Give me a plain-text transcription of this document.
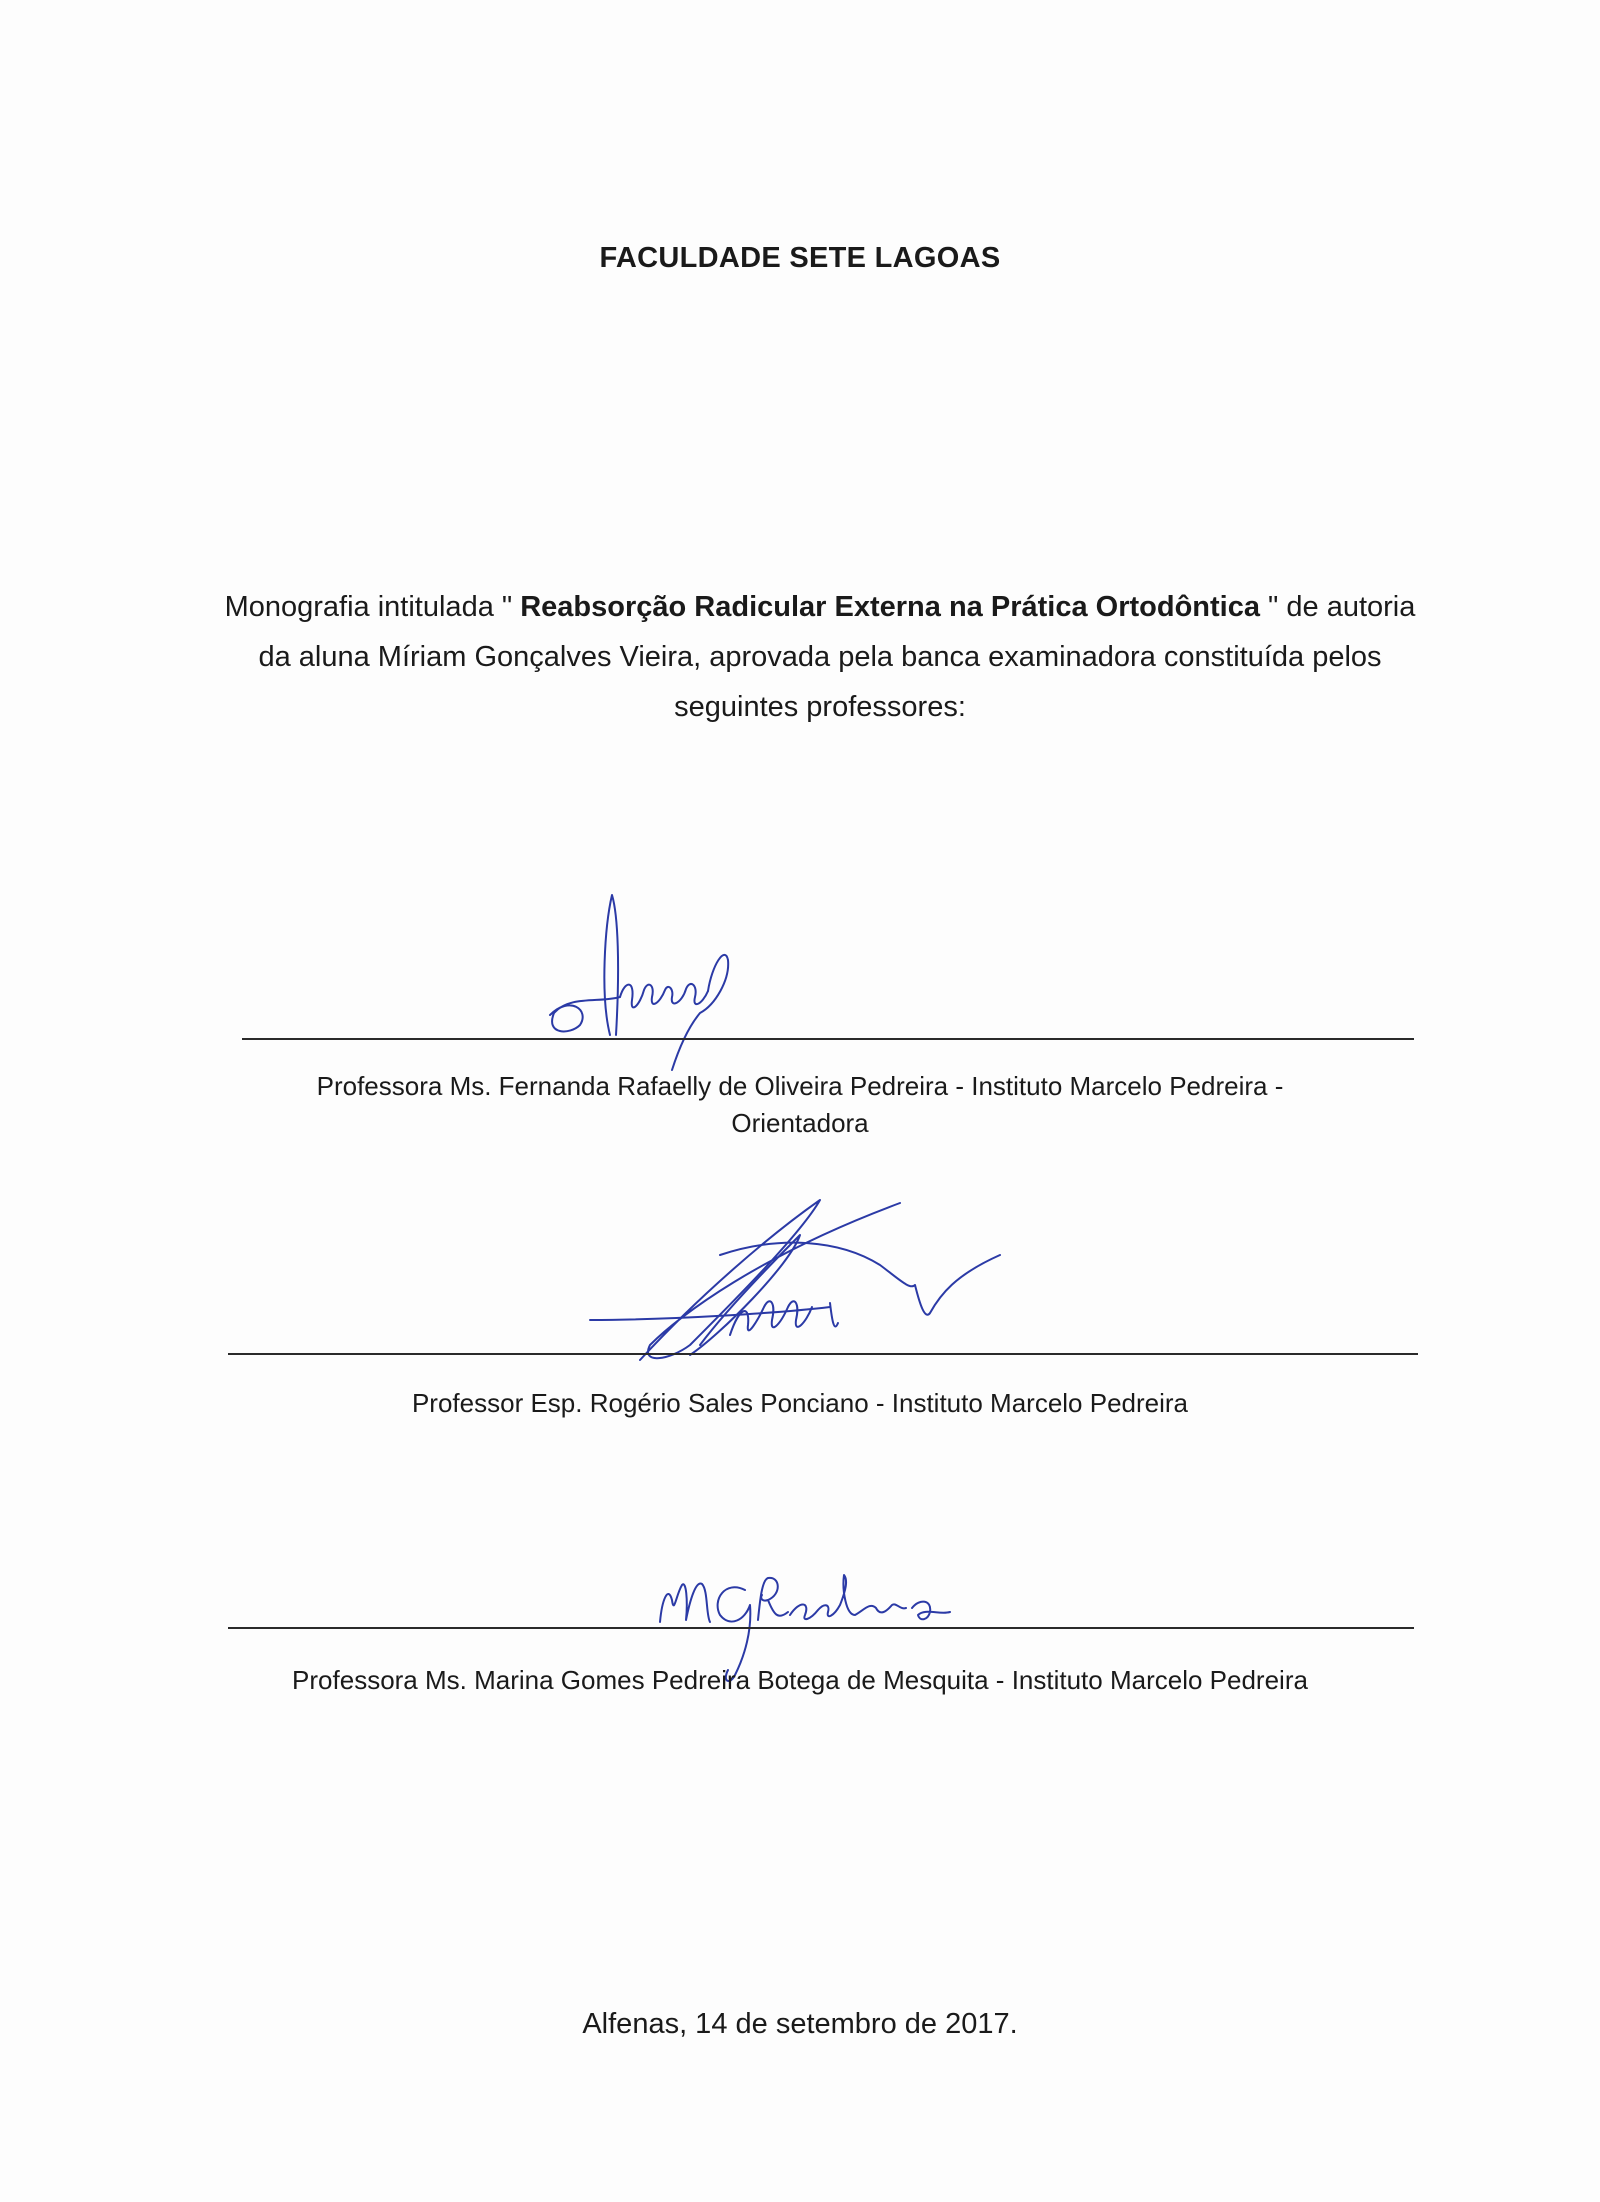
FACULDADE SETE LAGOAS
Monografia intitulada " Reabsorção Radicular Externa na Prática Ortodôntica " de autoria da aluna Míriam Gonçalves Vieira, aprovada pela banca examinadora constituída pelos seguintes professores:
Professora Ms. Fernanda Rafaelly de Oliveira Pedreira - Instituto Marcelo Pedreira -
Orientadora
Professor Esp. Rogério Sales Ponciano - Instituto Marcelo Pedreira
Professora Ms. Marina Gomes Pedreira Botega de Mesquita - Instituto Marcelo Pedreira
Alfenas, 14 de setembro de 2017.
